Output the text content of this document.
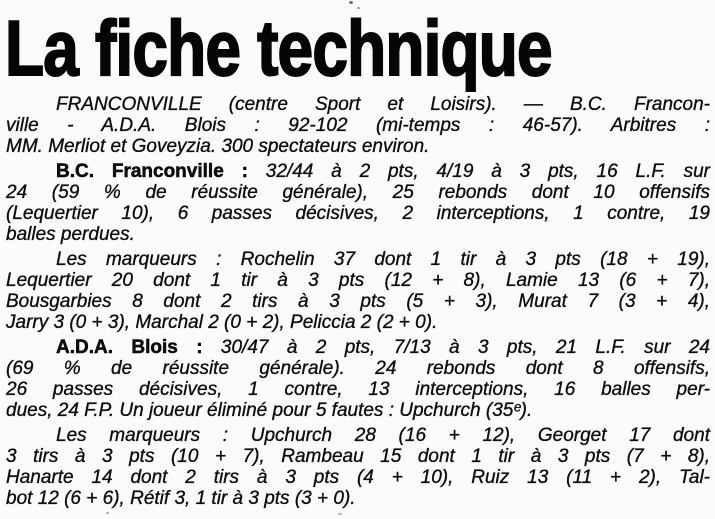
La fiche technique

FRANCONVILLE (centre Sport et Loisirs). — B.C. Francon-
ville - A.D.A. Blois : 92-102 (mi-temps : 46-57). Arbitres :
MM. Merliot et Goveyzia. 300 spectateurs environ.

B.C. Franconville : 32/44 à 2 pts, 4/19 à 3 pts, 16 L.F. sur
24 (59 % de réussite générale), 25 rebonds dont 10 offensifs
(Lequertier 10), 6 passes décisives, 2 interceptions, 1 contre, 19
balles perdues.

Les marqueurs : Rochelin 37 dont 1 tir à 3 pts (18 + 19),
Lequertier 20 dont 1 tir à 3 pts (12 + 8), Lamie 13 (6 + 7),
Bousgarbies 8 dont 2 tirs à 3 pts (5 + 3), Murat 7 (3 + 4),
Jarry 3 (0 + 3), Marchal 2 (0 + 2), Peliccia 2 (2 + 0).

A.D.A. Blois : 30/47 à 2 pts, 7/13 à 3 pts, 21 L.F. sur 24
(69 % de réussite générale). 24 rebonds dont 8 offensifs,
26 passes décisives, 1 contre, 13 interceptions, 16 balles per-
dues, 24 F.P. Un joueur éliminé pour 5 fautes : Upchurch (35ᵉ).

Les marqueurs : Upchurch 28 (16 + 12), Georget 17 dont
3 tirs à 3 pts (10 + 7), Rambeau 15 dont 1 tir à 3 pts (7 + 8),
Hanarte 14 dont 2 tirs à 3 pts (4 + 10), Ruiz 13 (11 + 2), Tal-
bot 12 (6 + 6), Rétif 3, 1 tir à 3 pts (3 + 0).
